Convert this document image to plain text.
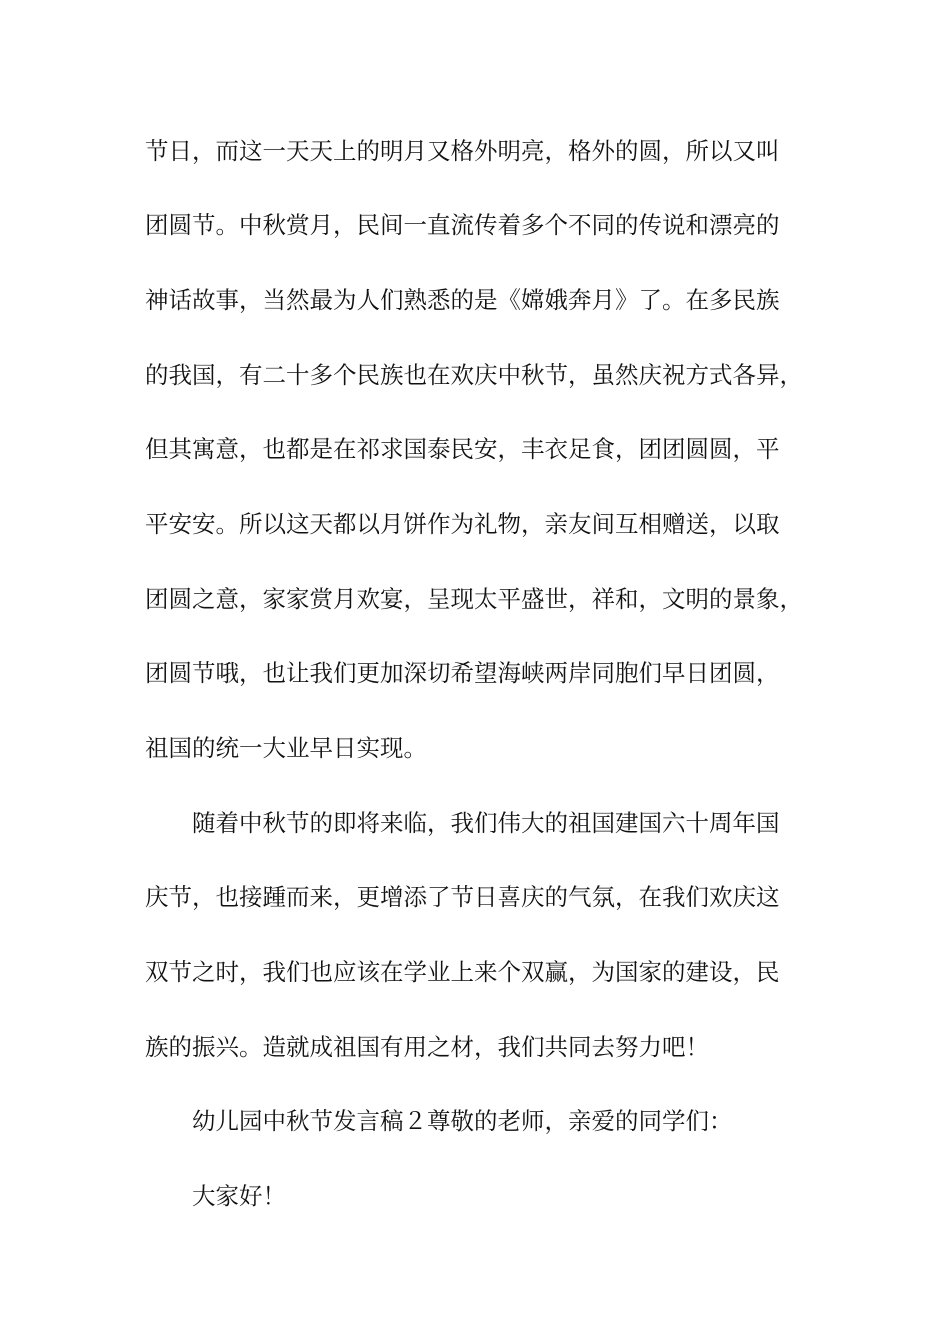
节日，而这一天天上的明月又格外明亮，格外的圆，所以又叫
团圆节。中秋赏月，民间一直流传着多个不同的传说和漂亮的
神话故事，当然最为人们熟悉的是《嫦娥奔月》了。在多民族
的我国，有二十多个民族也在欢庆中秋节，虽然庆祝方式各异，
但其寓意，也都是在祁求国泰民安，丰衣足食，团团圆圆，平
平安安。所以这天都以月饼作为礼物，亲友间互相赠送，以取
团圆之意，家家赏月欢宴，呈现太平盛世，祥和，文明的景象，
团圆节哦，也让我们更加深切希望海峡两岸同胞们早日团圆，
祖国的统一大业早日实现。
随着中秋节的即将来临，我们伟大的祖国建国六十周年国
庆节，也接踵而来，更增添了节日喜庆的气氛，在我们欢庆这
双节之时，我们也应该在学业上来个双赢，为国家的建设，民
族的振兴。造就成祖国有用之材，我们共同去努力吧！
幼儿园中秋节发言稿２尊敬的老师，亲爱的同学们：
大家好！
